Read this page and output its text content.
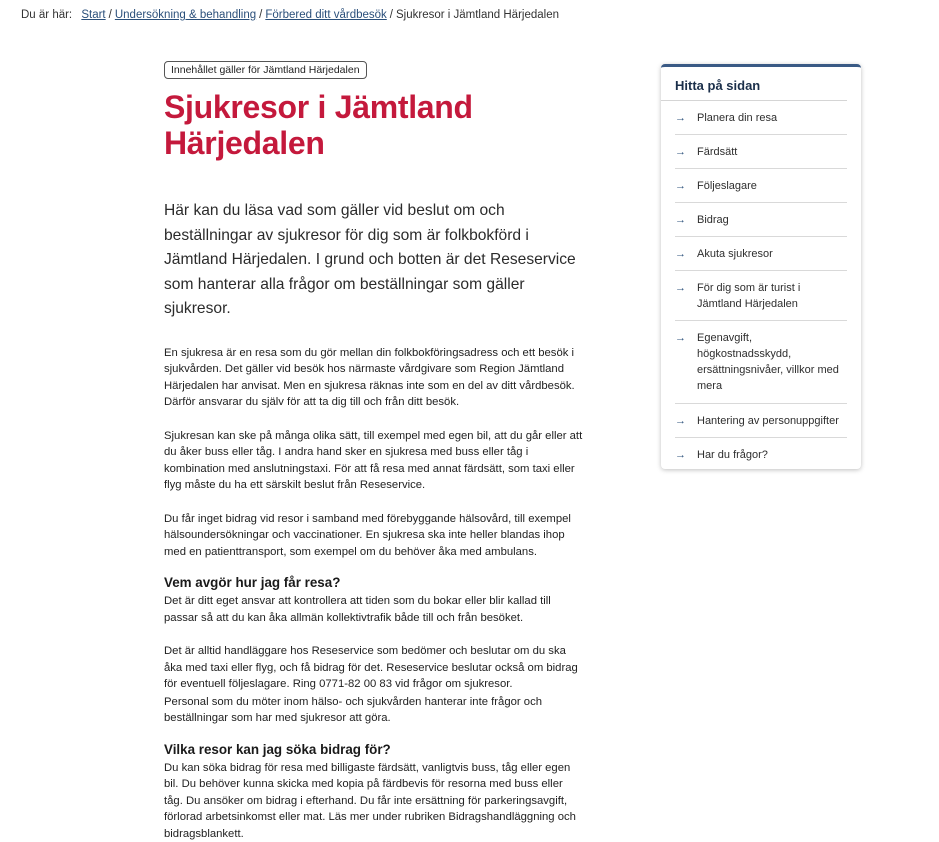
Du är här: Start / Undersökning & behandling / Förbered ditt vårdbesök / Sjukresor i Jämtland Härjedalen
Innehållet gäller för Jämtland Härjedalen
Sjukresor i Jämtland Härjedalen
Här kan du läsa vad som gäller vid beslut om och beställningar av sjukresor för dig som är folkbokförd i Jämtland Härjedalen. I grund och botten är det Reseservice som hanterar alla frågor om beställningar som gäller sjukresor.
En sjukresa är en resa som du gör mellan din folkbokföringsadress och ett besök i sjukvården. Det gäller vid besök hos närmaste vårdgivare som Region Jämtland Härjedalen har anvisat. Men en sjukresa räknas inte som en del av ditt vårdbesök. Därför ansvarar du själv för att ta dig till och från ditt besök.
Sjukresan kan ske på många olika sätt, till exempel med egen bil, att du går eller att du åker buss eller tåg. I andra hand sker en sjukresa med buss eller tåg i kombination med anslutningstaxi. För att få resa med annat färdsätt, som taxi eller flyg måste du ha ett särskilt beslut från Reseservice.
Du får inget bidrag vid resor i samband med förebyggande hälsovård, till exempel hälsoundersökningar och vaccinationer. En sjukresa ska inte heller blandas ihop med en patienttransport, som exempel om du behöver åka med ambulans.
Vem avgör hur jag får resa?
Det är ditt eget ansvar att kontrollera att tiden som du bokar eller blir kallad till passar så att du kan åka allmän kollektivtrafik både till och från besöket.
Det är alltid handläggare hos Reseservice som bedömer och beslutar om du ska åka med taxi eller flyg, och få bidrag för det. Reseservice beslutar också om bidrag för eventuell följeslagare. Ring 0771-82 00 83 vid frågor om sjukresor.
Personal som du möter inom hälso- och sjukvården hanterar inte frågor och beställningar som har med sjukresor att göra.
Vilka resor kan jag söka bidrag för?
Du kan söka bidrag för resa med billigaste färdsätt, vanligtvis buss, tåg eller egen bil. Du behöver kunna skicka med kopia på färdbevis för resorna med buss eller tåg. Du ansöker om bidrag i efterhand. Du får inte ersättning för parkeringsavgift, förlorad arbetsinkomst eller mat. Läs mer under rubriken Bidragshandläggning och bidragsblankett.
Hitta på sidan
→	Planera din resa
→	Färdsätt
→	Följeslagare
→	Bidrag
→	Akuta sjukresor
→	För dig som är turist i Jämtland Härjedalen
→	Egenavgift, högkostnadsskydd, ersättningsnivåer, villkor med mera
→	Hantering av personuppgifter
→	Har du frågor?
